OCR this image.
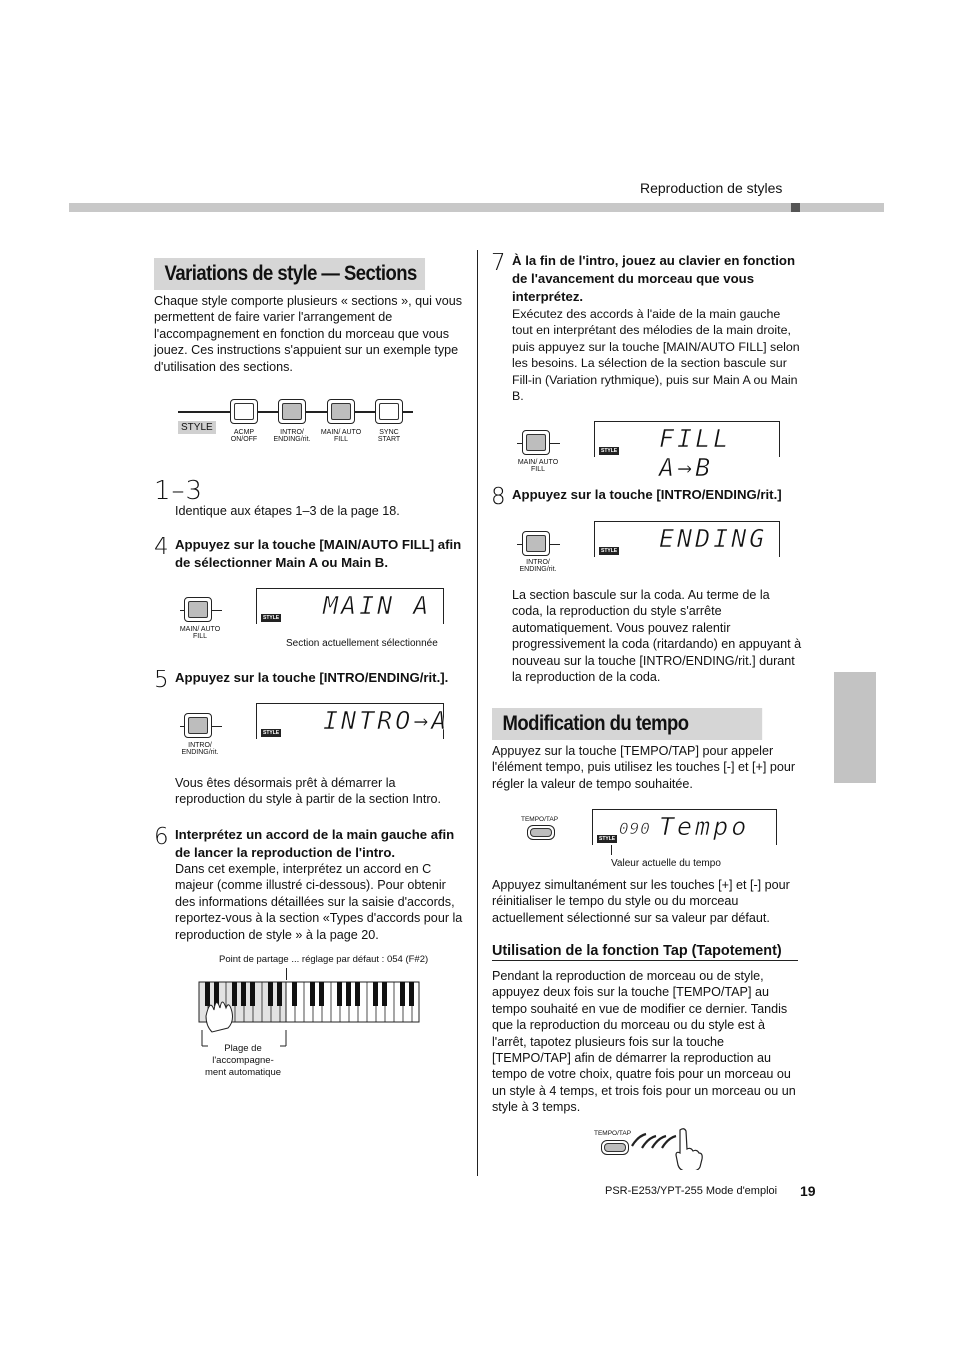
Reproduction de styles
Variations de style — Sections
Chaque style comporte plusieurs « sections », qui vous permettent de faire varier l'arrangement de l'accompagnement en fonction du morceau que vous jouez. Ces instructions s'appuient sur un exemple type d'utilisation des sections.
STYLE	ACMP ON/OFF
INTRO/ ENDING/rit.
MAIN/ AUTO FILL
SYNC START
1–3
Identique aux étapes 1–3 de la page 18.
4 Appuyez sur la touche [MAIN/AUTO FILL] afin de sélectionner Main A ou Main B.
MAIN/ AUTO FILL
STYLE MAIN A
Section actuellement sélectionnée
5 Appuyez sur la touche [INTRO/ENDING/rit.].
INTRO/ ENDING/rit.
STYLE INTRO→A
Vous êtes désormais prêt à démarrer la reproduction du style à partir de la section Intro.
6 Interprétez un accord de la main gauche afin de lancer la reproduction de l'intro.
Dans cet exemple, interprétez un accord en C majeur (comme illustré ci-dessous). Pour obtenir des informations détaillées sur la saisie d'accords, reportez-vous à la section «Types d'accords pour la reproduction de style » à la page 20.
Point de partage ... réglage par défaut : 054 (F#2)
Plage de l'accompagne- ment automatique
7 À la fin de l'intro, jouez au clavier en fonction de l'avancement du morceau que vous interprétez.
Exécutez des accords à l'aide de la main gauche tout en interprétant des mélodies de la main droite, puis appuyez sur la touche [MAIN/AUTO FILL] selon les besoins. La sélection de la section bascule sur Fill-in (Variation rythmique), puis sur Main A ou Main B.
MAIN/ AUTO FILL
STYLE FILL A→B
8 Appuyez sur la touche [INTRO/ENDING/rit.]
INTRO/ ENDING/rit.
STYLE ENDING
La section bascule sur la coda. Au terme de la coda, la reproduction du style s'arrête automatiquement. Vous pouvez ralentir progressivement la coda (ritardando) en appuyant à nouveau sur la touche [INTRO/ENDING/rit.] durant la reproduction de la coda.
Modification du tempo
Appuyez sur la touche [TEMPO/TAP] pour appeler l'élément tempo, puis utilisez les touches [-] et [+] pour régler la valeur de tempo souhaitée.
TEMPO/TAP
STYLE
090 Tempo
Valeur actuelle du tempo
Appuyez simultanément sur les touches [+] et [-] pour réinitialiser le tempo du style ou du morceau actuellement sélectionné sur sa valeur par défaut.
Utilisation de la fonction Tap (Tapotement)
Pendant la reproduction de morceau ou de style, appuyez deux fois sur la touche [TEMPO/TAP] au tempo souhaité en vue de modifier ce dernier. Tandis que la reproduction du morceau ou du style est à l'arrêt, tapotez plusieurs fois sur la touche [TEMPO/TAP] afin de démarrer la reproduction au tempo de votre choix, quatre fois pour un morceau ou un style à 4 temps, et trois fois pour un morceau ou un style à 3 temps.
TEMPO/TAP
PSR-E253/YPT-255 Mode d'emploi 19
